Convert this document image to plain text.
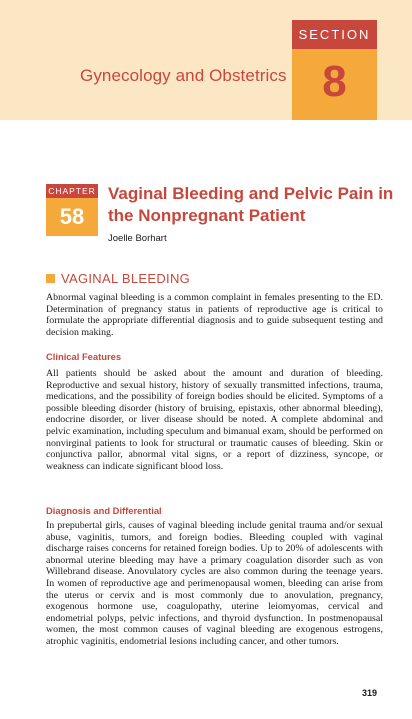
Gynecology and Obstetrics
SECTION
8
CHAPTER
58
Vaginal Bleeding and Pelvic Pain in the Nonpregnant Patient
Joelle Borhart
VAGINAL BLEEDING

Abnormal vaginal bleeding is a common complaint in females presenting to the ED. Determination of pregnancy status in patients of reproductive age is critical to formulate the appropriate differential diagnosis and to guide subsequent testing and decision making.

Clinical Features

All patients should be asked about the amount and duration of bleeding. Reproductive and sexual history, history of sexually transmitted infections, trauma, medications, and the possibility of foreign bodies should be elicited. Symptoms of a possible bleeding disorder (history of bruising, epistaxis, other abnormal bleeding), endocrine disorder, or liver disease should be noted. A complete abdominal and pelvic examination, including speculum and bimanual exam, should be performed on nonvirginal patients to look for structural or traumatic causes of bleeding. Skin or conjunctiva pallor, abnormal vital signs, or a report of dizziness, syncope, or weakness can indicate significant blood loss.

Diagnosis and Differential

In prepubertal girls, causes of vaginal bleeding include genital trauma and/or sexual abuse, vaginitis, tumors, and foreign bodies. Bleeding coupled with vaginal discharge raises concerns for retained foreign bodies. Up to 20% of adolescents with abnormal uterine bleeding may have a primary coagulation disorder such as von Willebrand disease. Anovulatory cycles are also common during the teenage years. In women of reproductive age and perimenopausal women, bleeding can arise from the uterus or cervix and is most commonly due to anovulation, pregnancy, exogenous hormone use, coagulopathy, uterine leiomyomas, cervical and endometrial polyps, pelvic infections, and thyroid dysfunction. In postmenopausal women, the most common causes of vaginal bleeding are exogenous estrogens, atrophic vaginitis, endometrial lesions including cancer, and other tumors.

319
